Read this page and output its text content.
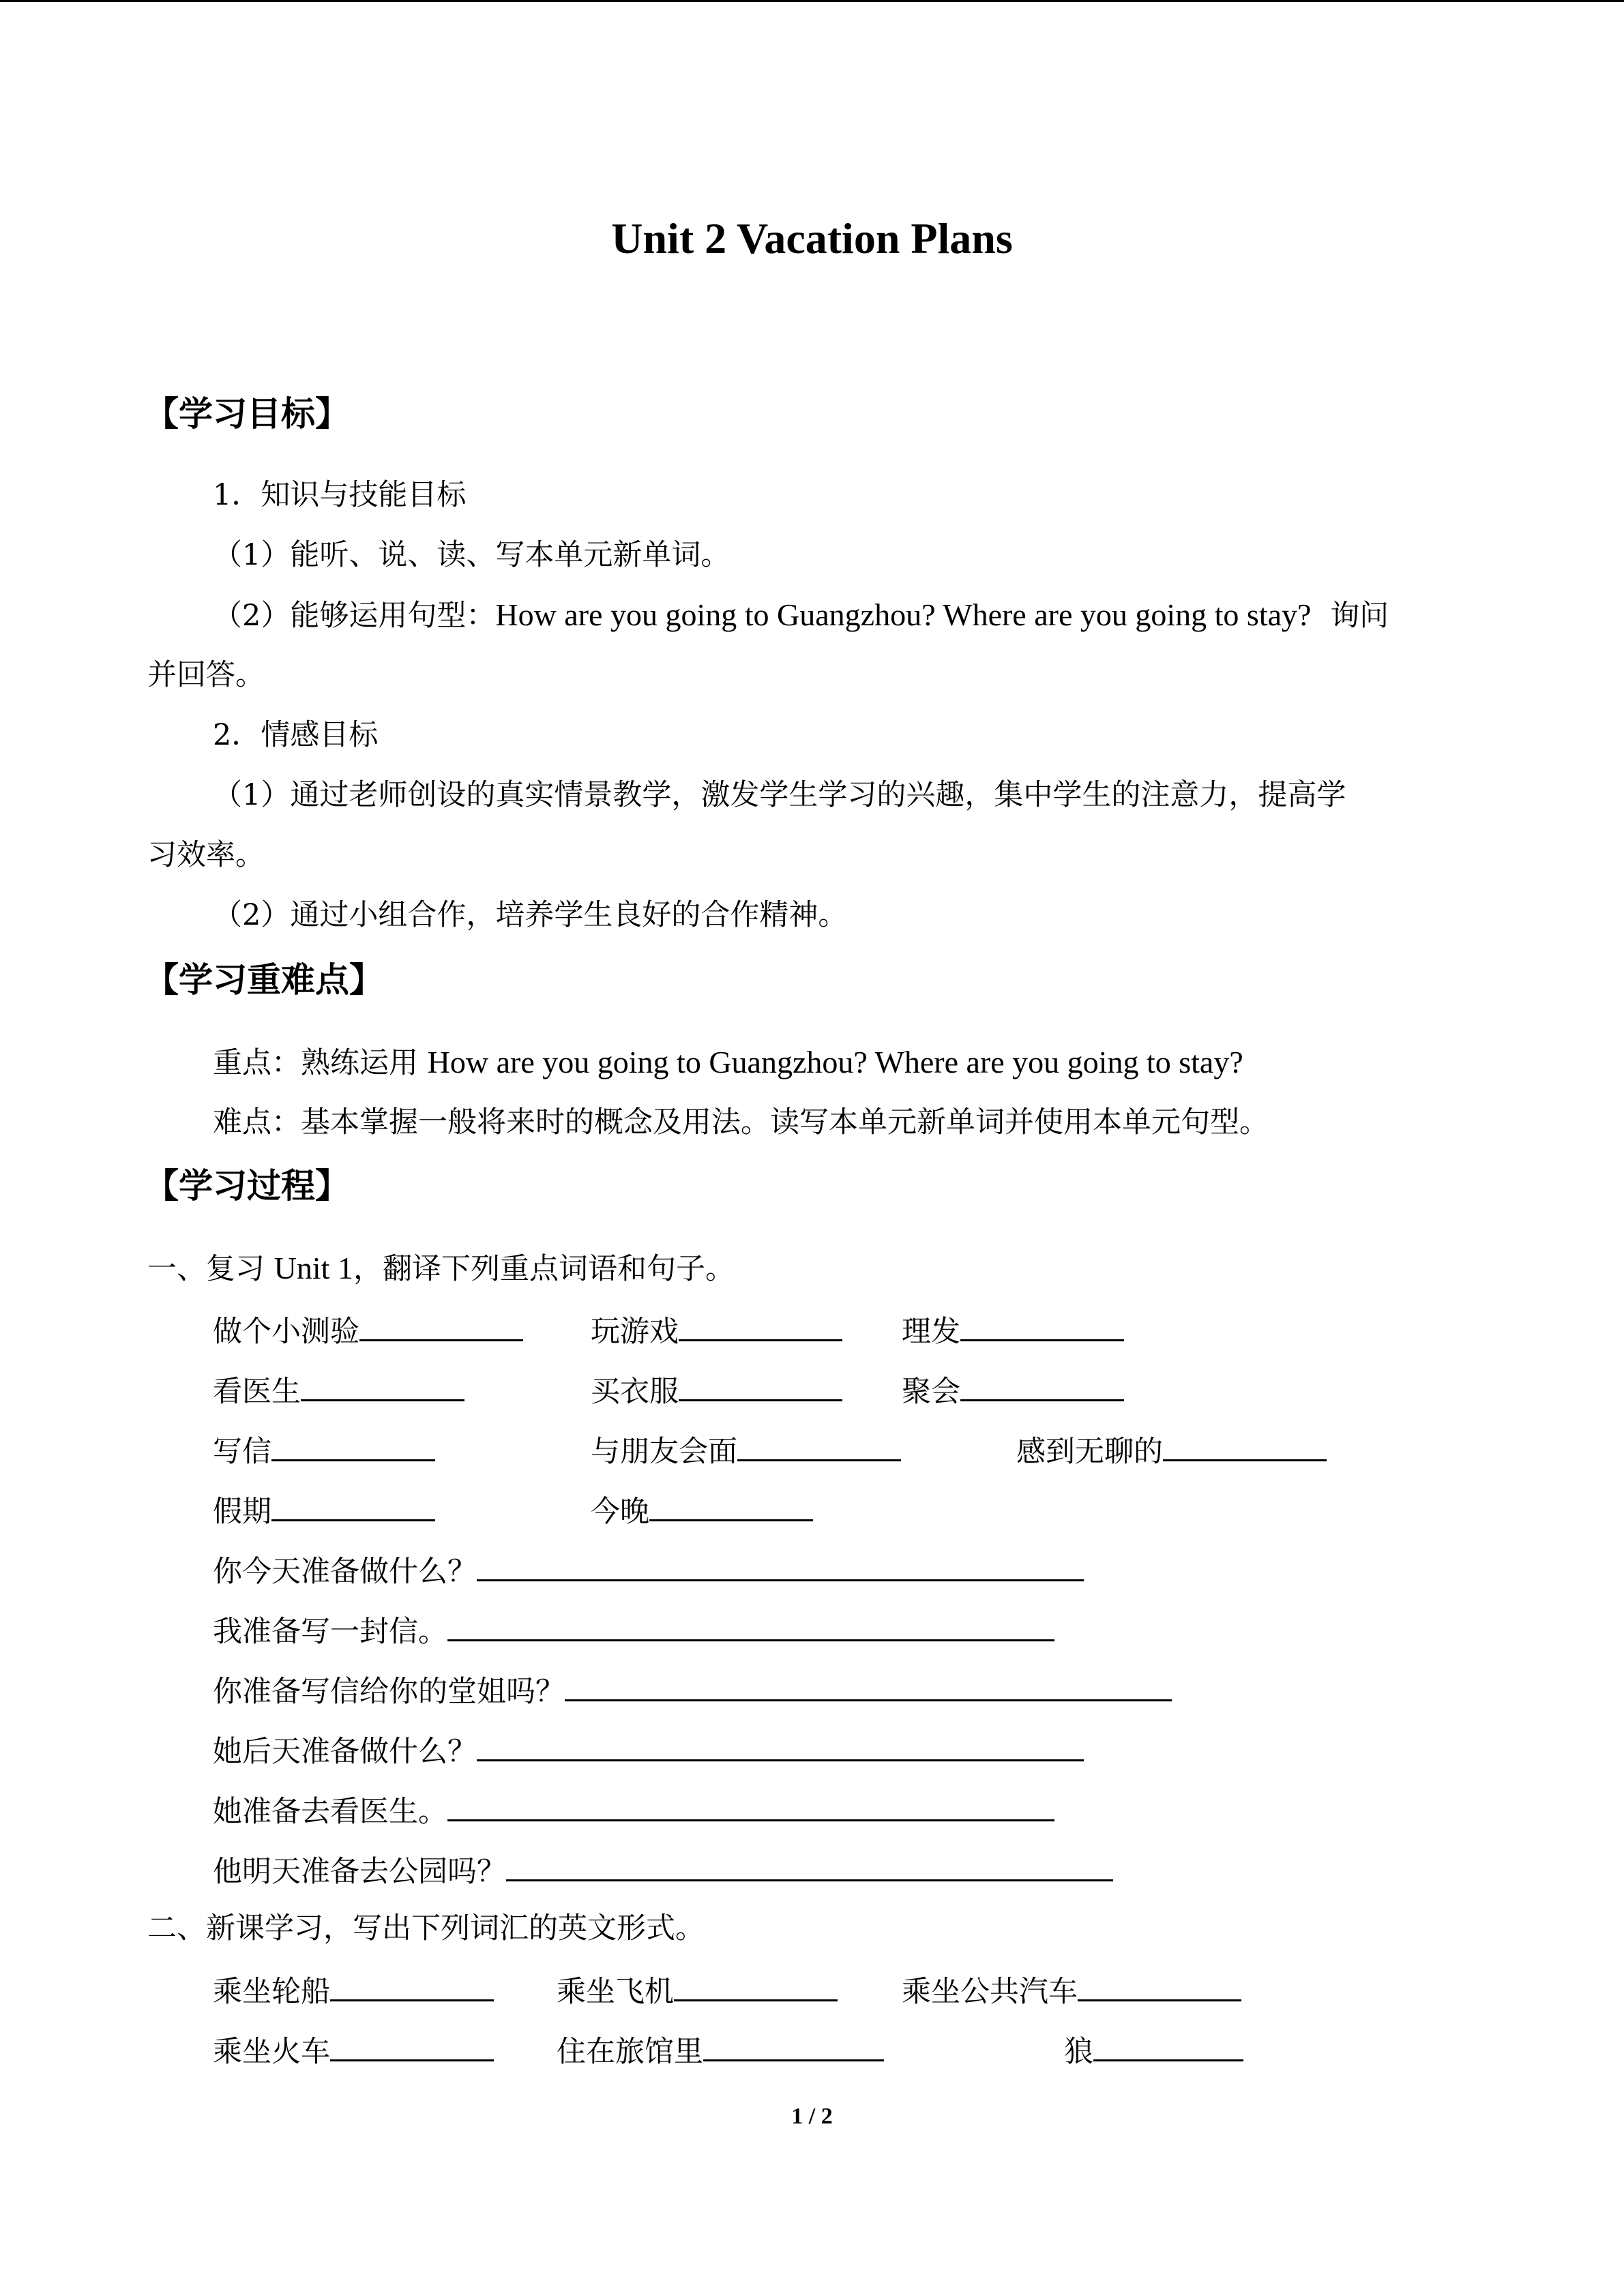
Unit 2 Vacation Plans
【学习目标】
1．知识与技能目标
（1）能听、说、读、写本单元新单词。
（2）能够运用句型：How are you going to Guangzhou? Where are you going to stay? 询问
并回答。
2．情感目标
（1）通过老师创设的真实情景教学，激发学生学习的兴趣，集中学生的注意力，提高学
习效率。
（2）通过小组合作，培养学生良好的合作精神。
【学习重难点】
重点：熟练运用 How are you going to Guangzhou? Where are you going to stay?
难点：基本掌握一般将来时的概念及用法。读写本单元新单词并使用本单元句型。
【学习过程】
一、复习 Unit 1，翻译下列重点词语和句子。
做个小测验	玩游戏	理发
看医生	买衣服	聚会
写信	与朋友会面	感到无聊的
假期	今晚
你今天准备做什么？
我准备写一封信。
你准备写信给你的堂姐吗？
她后天准备做什么？
她准备去看医生。
他明天准备去公园吗？
二、新课学习，写出下列词汇的英文形式。
乘坐轮船	乘坐飞机	乘坐公共汽车
乘坐火车	住在旅馆里	狼
1 / 2
